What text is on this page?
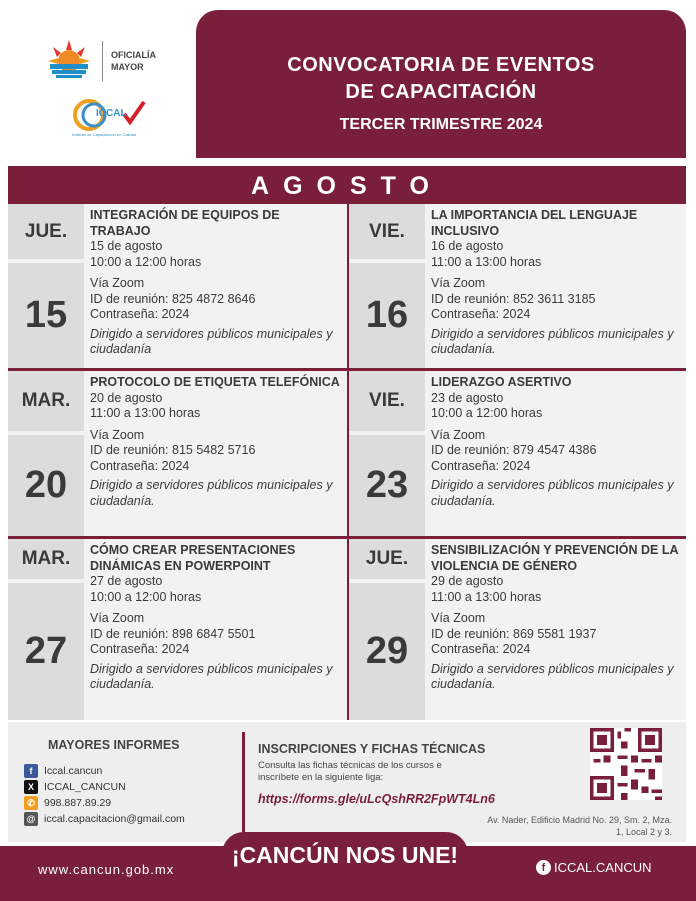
OFICIALÍA
MAYOR
ICCAL
Instituto de Capacitación en Calidad
CONVOCATORIA DE EVENTOS
DE CAPACITACIÓN
TERCER TRIMESTRE 2024
AGOSTO
JUE.
15
INTEGRACIÓN DE EQUIPOS DE TRABAJO
15 de agosto
10:00 a 12:00 horas
Vía Zoom
ID de reunión: 825 4872 8646
Contraseña: 2024
Dirigido a servidores públicos municipales y ciudadanía
VIE.
16
LA IMPORTANCIA DEL LENGUAJE INCLUSIVO
16 de agosto
11:00 a 13:00 horas
Vía Zoom
ID de reunión: 852 3611 3185
Contraseña: 2024
Dirigido a servidores públicos municipales y ciudadanía.
MAR.
20
PROTOCOLO DE ETIQUETA TELEFÓNICA
20 de agosto
11:00 a 13:00 horas
Vía Zoom
ID de reunión: 815 5482 5716
Contraseña: 2024
Dirigido a servidores públicos municipales y ciudadanía.
VIE.
23
LIDERAZGO ASERTIVO
23 de agosto
10:00 a 12:00 horas
Vía Zoom
ID de reunión: 879 4547 4386
Contraseña: 2024
Dirigido a servidores públicos municipales y ciudadanía.
MAR.
27
CÓMO CREAR PRESENTACIONES DINÁMICAS EN POWERPOINT
27 de agosto
10:00 a 12:00 horas
Vía Zoom
ID de reunión: 898 6847 5501
Contraseña: 2024
Dirigido a servidores públicos municipales y ciudadanía.
JUE.
29
SENSIBILIZACIÓN Y PREVENCIÓN DE LA VIOLENCIA DE GÉNERO
29 de agosto
11:00 a 13:00 horas
Vía Zoom
ID de reunión: 869 5581 1937
Contraseña: 2024
Dirigido a servidores públicos municipales y ciudadanía.
MAYORES INFORMES
f	Iccal.cancun
X ICCAL_CANCUN
✆ 998.887.89.29
@ iccal.capacitacion@gmail.com
INSCRIPCIONES Y FICHAS TÉCNICAS
Consulta las fichas técnicas de los cursos e inscríbete en la siguiente liga:
https://forms.gle/uLcQshRR2FpWT4Ln6
Av. Nader, Edificio Madrid No. 29, Sm. 2, Mza. 1, Local 2 y 3.
¡CANCÚN NOS UNE!
www.cancun.gob.mx	f ICCAL.CANCUN
